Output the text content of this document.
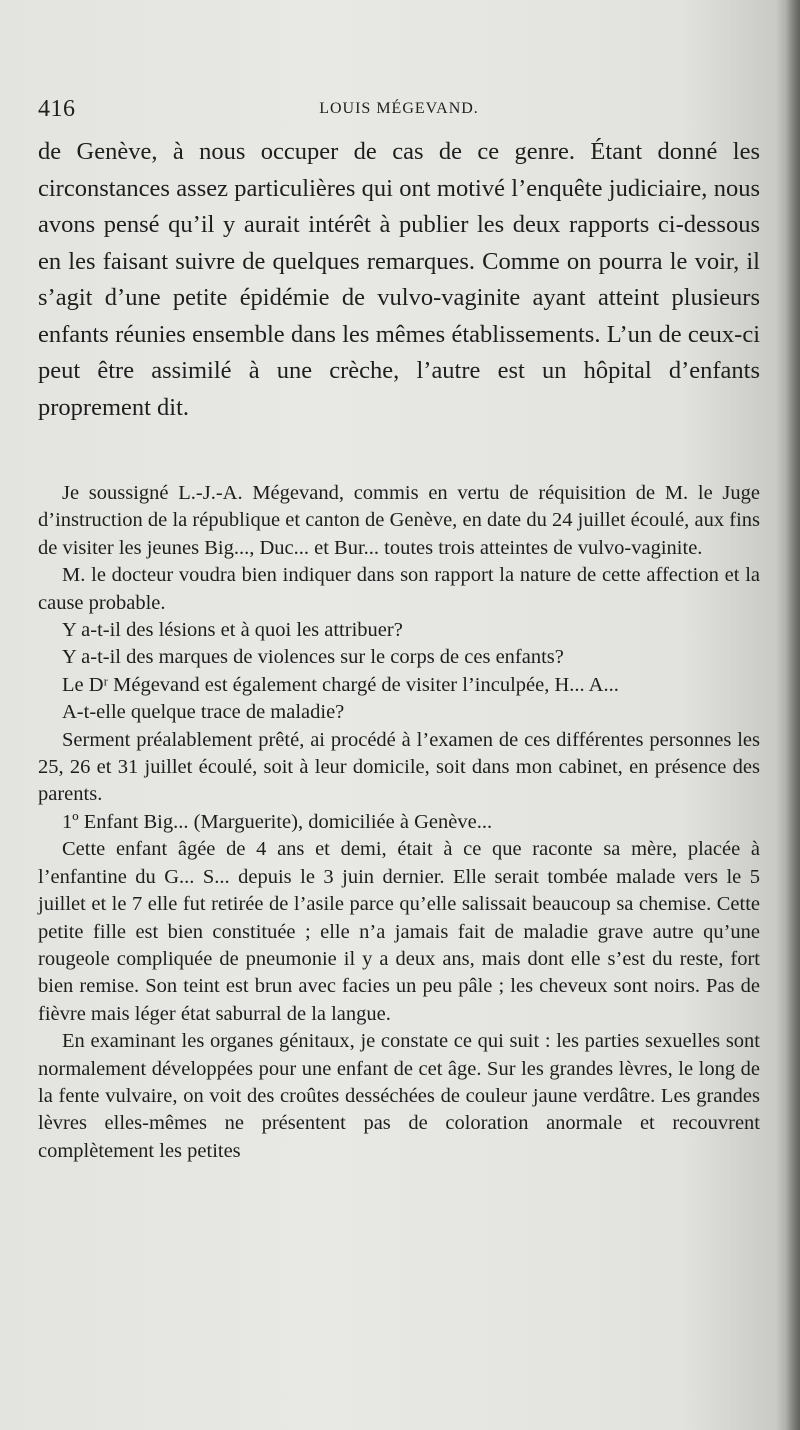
416	LOUIS MÉGEVAND.

de Genève, à nous occuper de cas de ce genre. Étant donné les circonstances assez particulières qui ont motivé l’enquête judiciaire, nous avons pensé qu’il y aurait intérêt à publier les deux rapports ci-dessous en les faisant suivre de quelques remarques. Comme on pourra le voir, il s’agit d’une petite épidémie de vulvo-vaginite ayant atteint plusieurs enfants réunies ensemble dans les mêmes établissements. L’un de ceux-ci peut être assimilé à une crèche, l’autre est un hôpital d’enfants proprement dit.

Je soussigné L.-J.-A. Mégevand, commis en vertu de réquisition de M. le Juge d’instruction de la république et canton de Genève, en date du 24 juillet écoulé, aux fins de visiter les jeunes Big..., Duc... et Bur... toutes trois atteintes de vulvo-vaginite.

M. le docteur voudra bien indiquer dans son rapport la nature de cette affection et la cause probable.

Y a-t-il des lésions et à quoi les attribuer?

Y a-t-il des marques de violences sur le corps de ces enfants?

Le Dʳ Mégevand est également chargé de visiter l’inculpée, H... A...

A-t-elle quelque trace de maladie?

Serment préalablement prêté, ai procédé à l’examen de ces différentes personnes les 25, 26 et 31 juillet écoulé, soit à leur domicile, soit dans mon cabinet, en présence des parents.

1º Enfant Big... (Marguerite), domiciliée à Genève...

Cette enfant âgée de 4 ans et demi, était à ce que raconte sa mère, placée à l’enfantine du G... S... depuis le 3 juin dernier. Elle serait tombée malade vers le 5 juillet et le 7 elle fut retirée de l’asile parce qu’elle salissait beaucoup sa chemise. Cette petite fille est bien constituée ; elle n’a jamais fait de maladie grave autre qu’une rougeole compliquée de pneumonie il y a deux ans, mais dont elle s’est du reste, fort bien remise. Son teint est brun avec facies un peu pâle ; les cheveux sont noirs. Pas de fièvre mais léger état saburral de la langue.

En examinant les organes génitaux, je constate ce qui suit : les parties sexuelles sont normalement développées pour une enfant de cet âge. Sur les grandes lèvres, le long de la fente vulvaire, on voit des croûtes desséchées de couleur jaune verdâtre. Les grandes lèvres elles-mêmes ne présentent pas de coloration anormale et recouvrent complètement les petites
